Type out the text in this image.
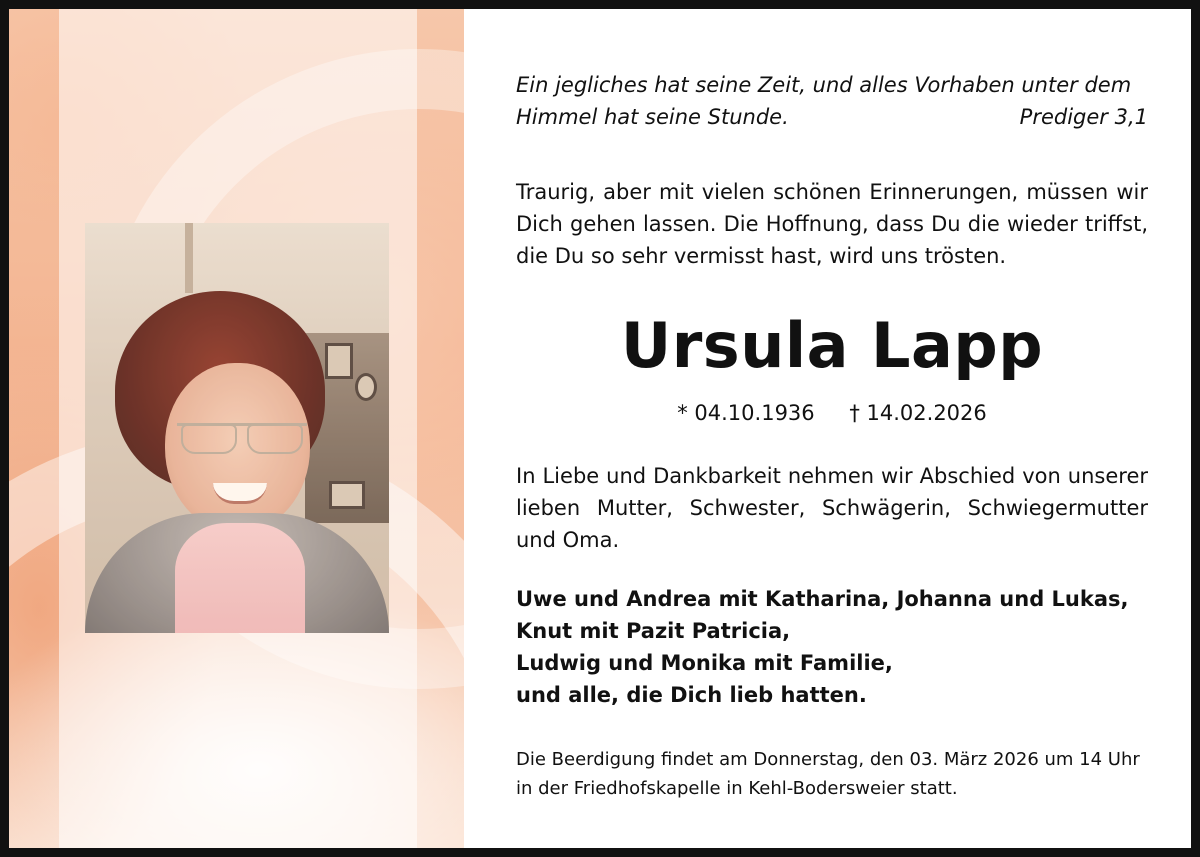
Ein jegliches hat seine Zeit, und alles Vorhaben unter dem
Himmel hat seine Stunde.	Prediger 3,1

Traurig, aber mit vielen schönen Erinnerungen, müssen wir Dich gehen lassen. Die Hoffnung, dass Du die wieder triffst, die Du so sehr vermisst hast, wird uns trösten.

Ursula Lapp

* 04.10.1936 † 14.02.2026

In Liebe und Dankbarkeit nehmen wir Abschied von unserer lieben Mutter, Schwester, Schwägerin, Schwiegermutter und Oma.

Uwe und Andrea mit Katharina, Johanna und Lukas,
Knut mit Pazit Patricia,
Ludwig und Monika mit Familie,
und alle, die Dich lieb hatten.

Die Beerdigung findet am Donnerstag, den 03. März 2026 um 14 Uhr in der Friedhofskapelle in Kehl-Bodersweier statt.
